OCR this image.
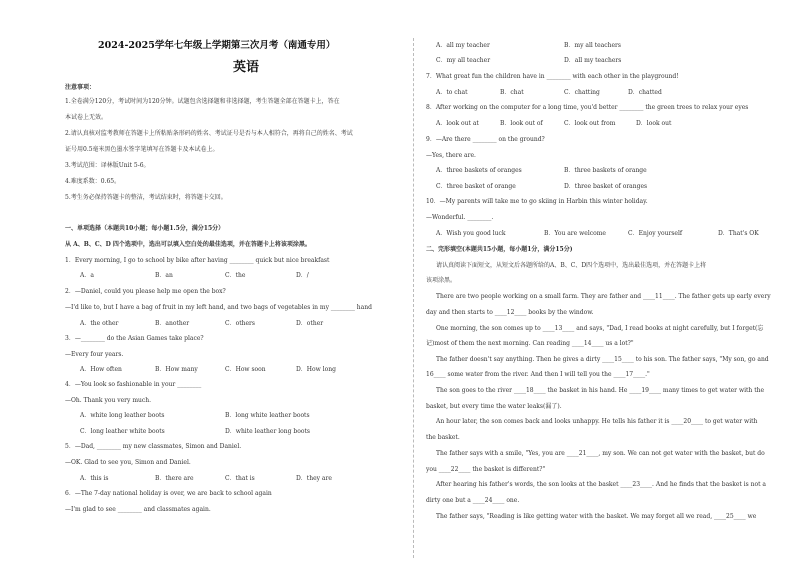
2024-2025学年七年级上学期第三次月考（南通专用）
英语
注意事项：
1.全卷满分120分，考试时间为120分钟。试题包含选择题和非选择题，考生答题全部在答题卡上，答在
本试卷上无效。
2.请认真核对监考教师在答题卡上所粘贴条形码的姓名、考试证号是否与本人相符合，再将自己的姓名、考试
证号用0.5毫米黑色墨水签字笔填写在答题卡及本试卷上。
3.考试范围：译林版Unit 5-6。
4.难度系数：0.65。
5.考生务必保持答题卡的整洁，考试结束时，将答题卡交回。
一、单项选择（本题共10小题；每小题1.5分，满分15分）
从 A、B、C、D 四个选项中，选出可以填入空白处的最佳选项，并在答题卡上将该项涂黑。
1．Every morning, I go to school by bike after having ________ quick but nice breakfast
A．a	B．an	C．the	D．/
2．—Daniel, could you please help me open the box?
—I'd like to, but I have a bag of fruit in my left hand, and two bags of vegetables in my ________ hand
A．the other	B．another	C．others	D．other
3．—________ do the Asian Games take place?
—Every four years.
A．How often	B．How many	C．How soon	D．How long
4．—You look so fashionable in your ________
—Oh. Thank you very much.
A．white long leather boots	B．long white leather boots
C．long leather white boots	D．white leather long boots
5．—Dad, ________ my new classmates, Simon and Daniel.
—OK. Glad to see you, Simon and Daniel.
A．this is	B．there are	C．that is	D．they are
6．—The 7-day national holiday is over, we are back to school again
—I'm glad to see ________ and classmates again.
A．all my teacher	B．my all teachers
C．my all teacher	D．all my teachers
7．What great fun the children have in ________ with each other in the playground!
A．to chat	B．chat	C．chatting	D．chatted
8．After working on the computer for a long time, you'd better ________ the green trees to relax your eyes
A．look out at	B．look out of	C．look out from	D．look out
9．—Are there ________ on the ground?
—Yes, there are.
A．three baskets of oranges	B．three baskets of orange
C．three basket of orange	D．three basket of oranges
10．—My parents will take me to go skiing in Harbin this winter holiday.
—Wonderful. ________.
A．Wish you good luck	B．You are welcome	C．Enjoy yourself	D．That's OK
二、完形填空(本题共15小题，每小题1分，满分15分)
请认真阅读下面短文，从短文后各题所给的A、B、C、D四个选项中，选出最佳选项，并在答题卡上将
该项涂黑。
There are two people working on a small farm. They are father and ____11____. The father gets up early every
day and then starts to ____12____ books by the window.
One morning, the son comes up to ____13____ and says, "Dad, I read books at night carefully, but I forget(忘
记)most of them the next morning. Can reading ____14____ us a lot?"
The father doesn't say anything. Then he gives a dirty ____15____ to his son. The father says, "My son, go and
16____ some water from the river. And then I will tell you the ____17____."
The son goes to the river ____18____ the basket in his hand. He ____19____ many times to get water with the
basket, but every time the water leaks(漏了).
An hour later, the son comes back and looks unhappy. He tells his father it is ____20____ to get water with
the basket.
The father says with a smile, "Yes, you are ____21____, my son. We can not get water with the basket, but do
you ____22____ the basket is different?"
After hearing his father's words, the son looks at the basket ____23____. And he finds that the basket is not a
dirty one but a ____24____ one.
The father says, "Reading is like getting water with the basket. We may forget all we read, ____25____ we
